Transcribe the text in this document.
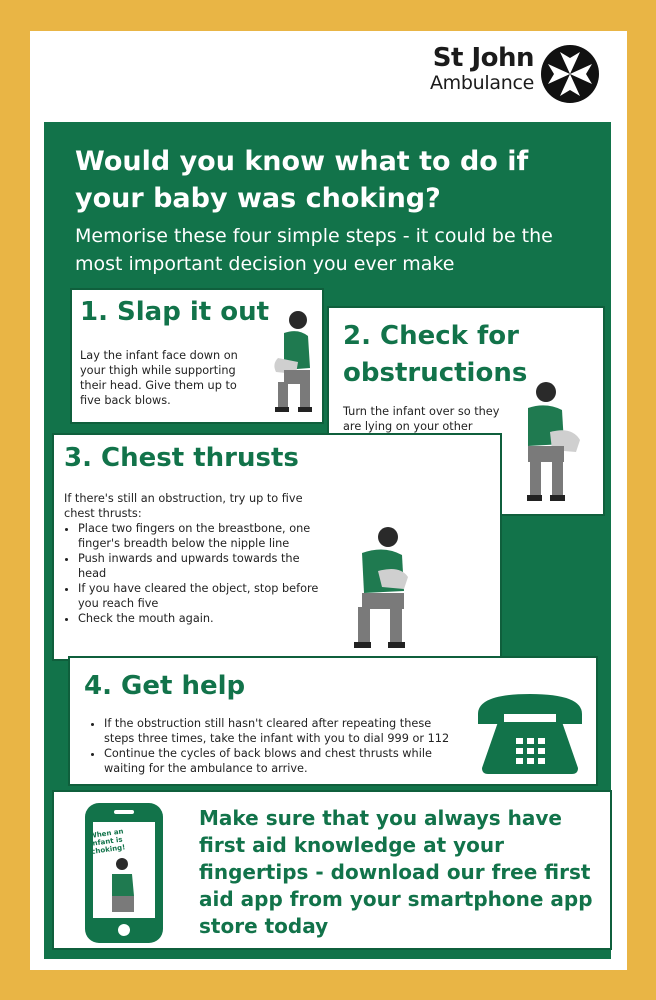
St John
Ambulance
Would you know what to do if your baby was choking?
Memorise these four simple steps - it could be the most important decision you ever make
1. Slap it out
Lay the infant face down on your thigh while supporting their head. Give them up to five back blows.
2. Check for
obstructions
Turn the infant over so they are lying on your other
3. Chest thrusts
If there's still an obstruction, try up to five chest thrusts:
• Place two fingers on the breastbone, one finger's breadth below the nipple line
• Push inwards and upwards towards the head
• If you have cleared the object, stop before you reach five
• Check the mouth again.
4. Get help
• If the obstruction still hasn't cleared after repeating these steps three times, take the infant with you to dial 999 or 112
• Continue the cycles of back blows and chest thrusts while waiting for the ambulance to arrive.
When an infant is choking!
Make sure that you always have first aid knowledge at your fingertips - download our free first aid app from your smartphone app store today
